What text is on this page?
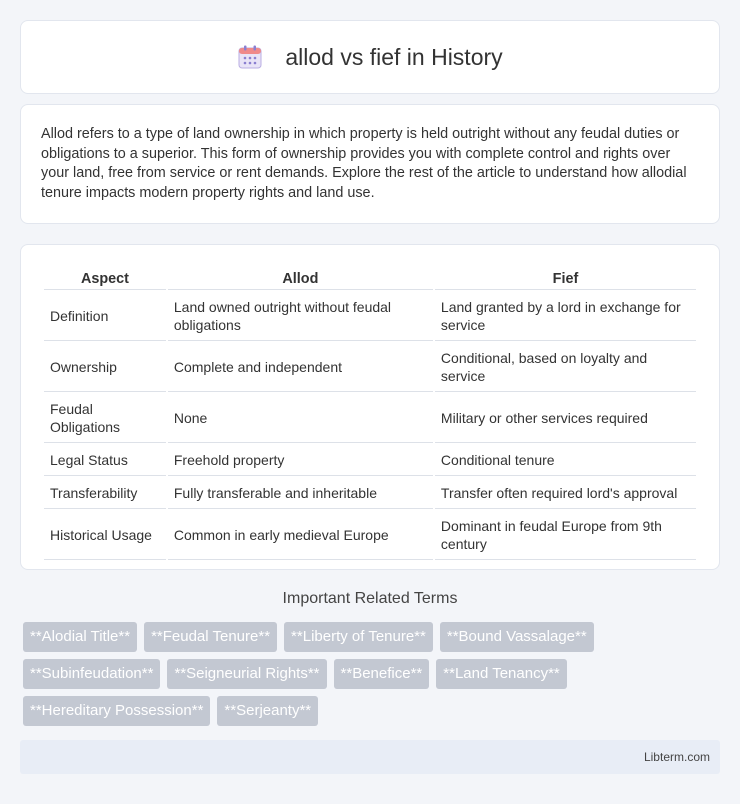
allod vs fief in History

Allod refers to a type of land ownership in which property is held outright without any feudal duties or obligations to a superior. This form of ownership provides you with complete control and rights over your land, free from service or rent demands. Explore the rest of the article to understand how allodial tenure impacts modern property rights and land use.

Aspect	Allod	Fief
Definition	Land owned outright without feudal obligations	Land granted by a lord in exchange for service
Ownership	Complete and independent	Conditional, based on loyalty and service
Feudal Obligations	None	Military or other services required
Legal Status	Freehold property	Conditional tenure
Transferability	Fully transferable and inheritable	Transfer often required lord's approval
Historical Usage	Common in early medieval Europe	Dominant in feudal Europe from 9th century
Important Related Terms
**Alodial Title**	**Feudal Tenure**	**Liberty of Tenure**	**Bound Vassalage**
**Subinfeudation**	**Seigneurial Rights**	**Benefice**	**Land Tenancy**
**Hereditary Possession**	**Serjeanty**
Libterm.com
